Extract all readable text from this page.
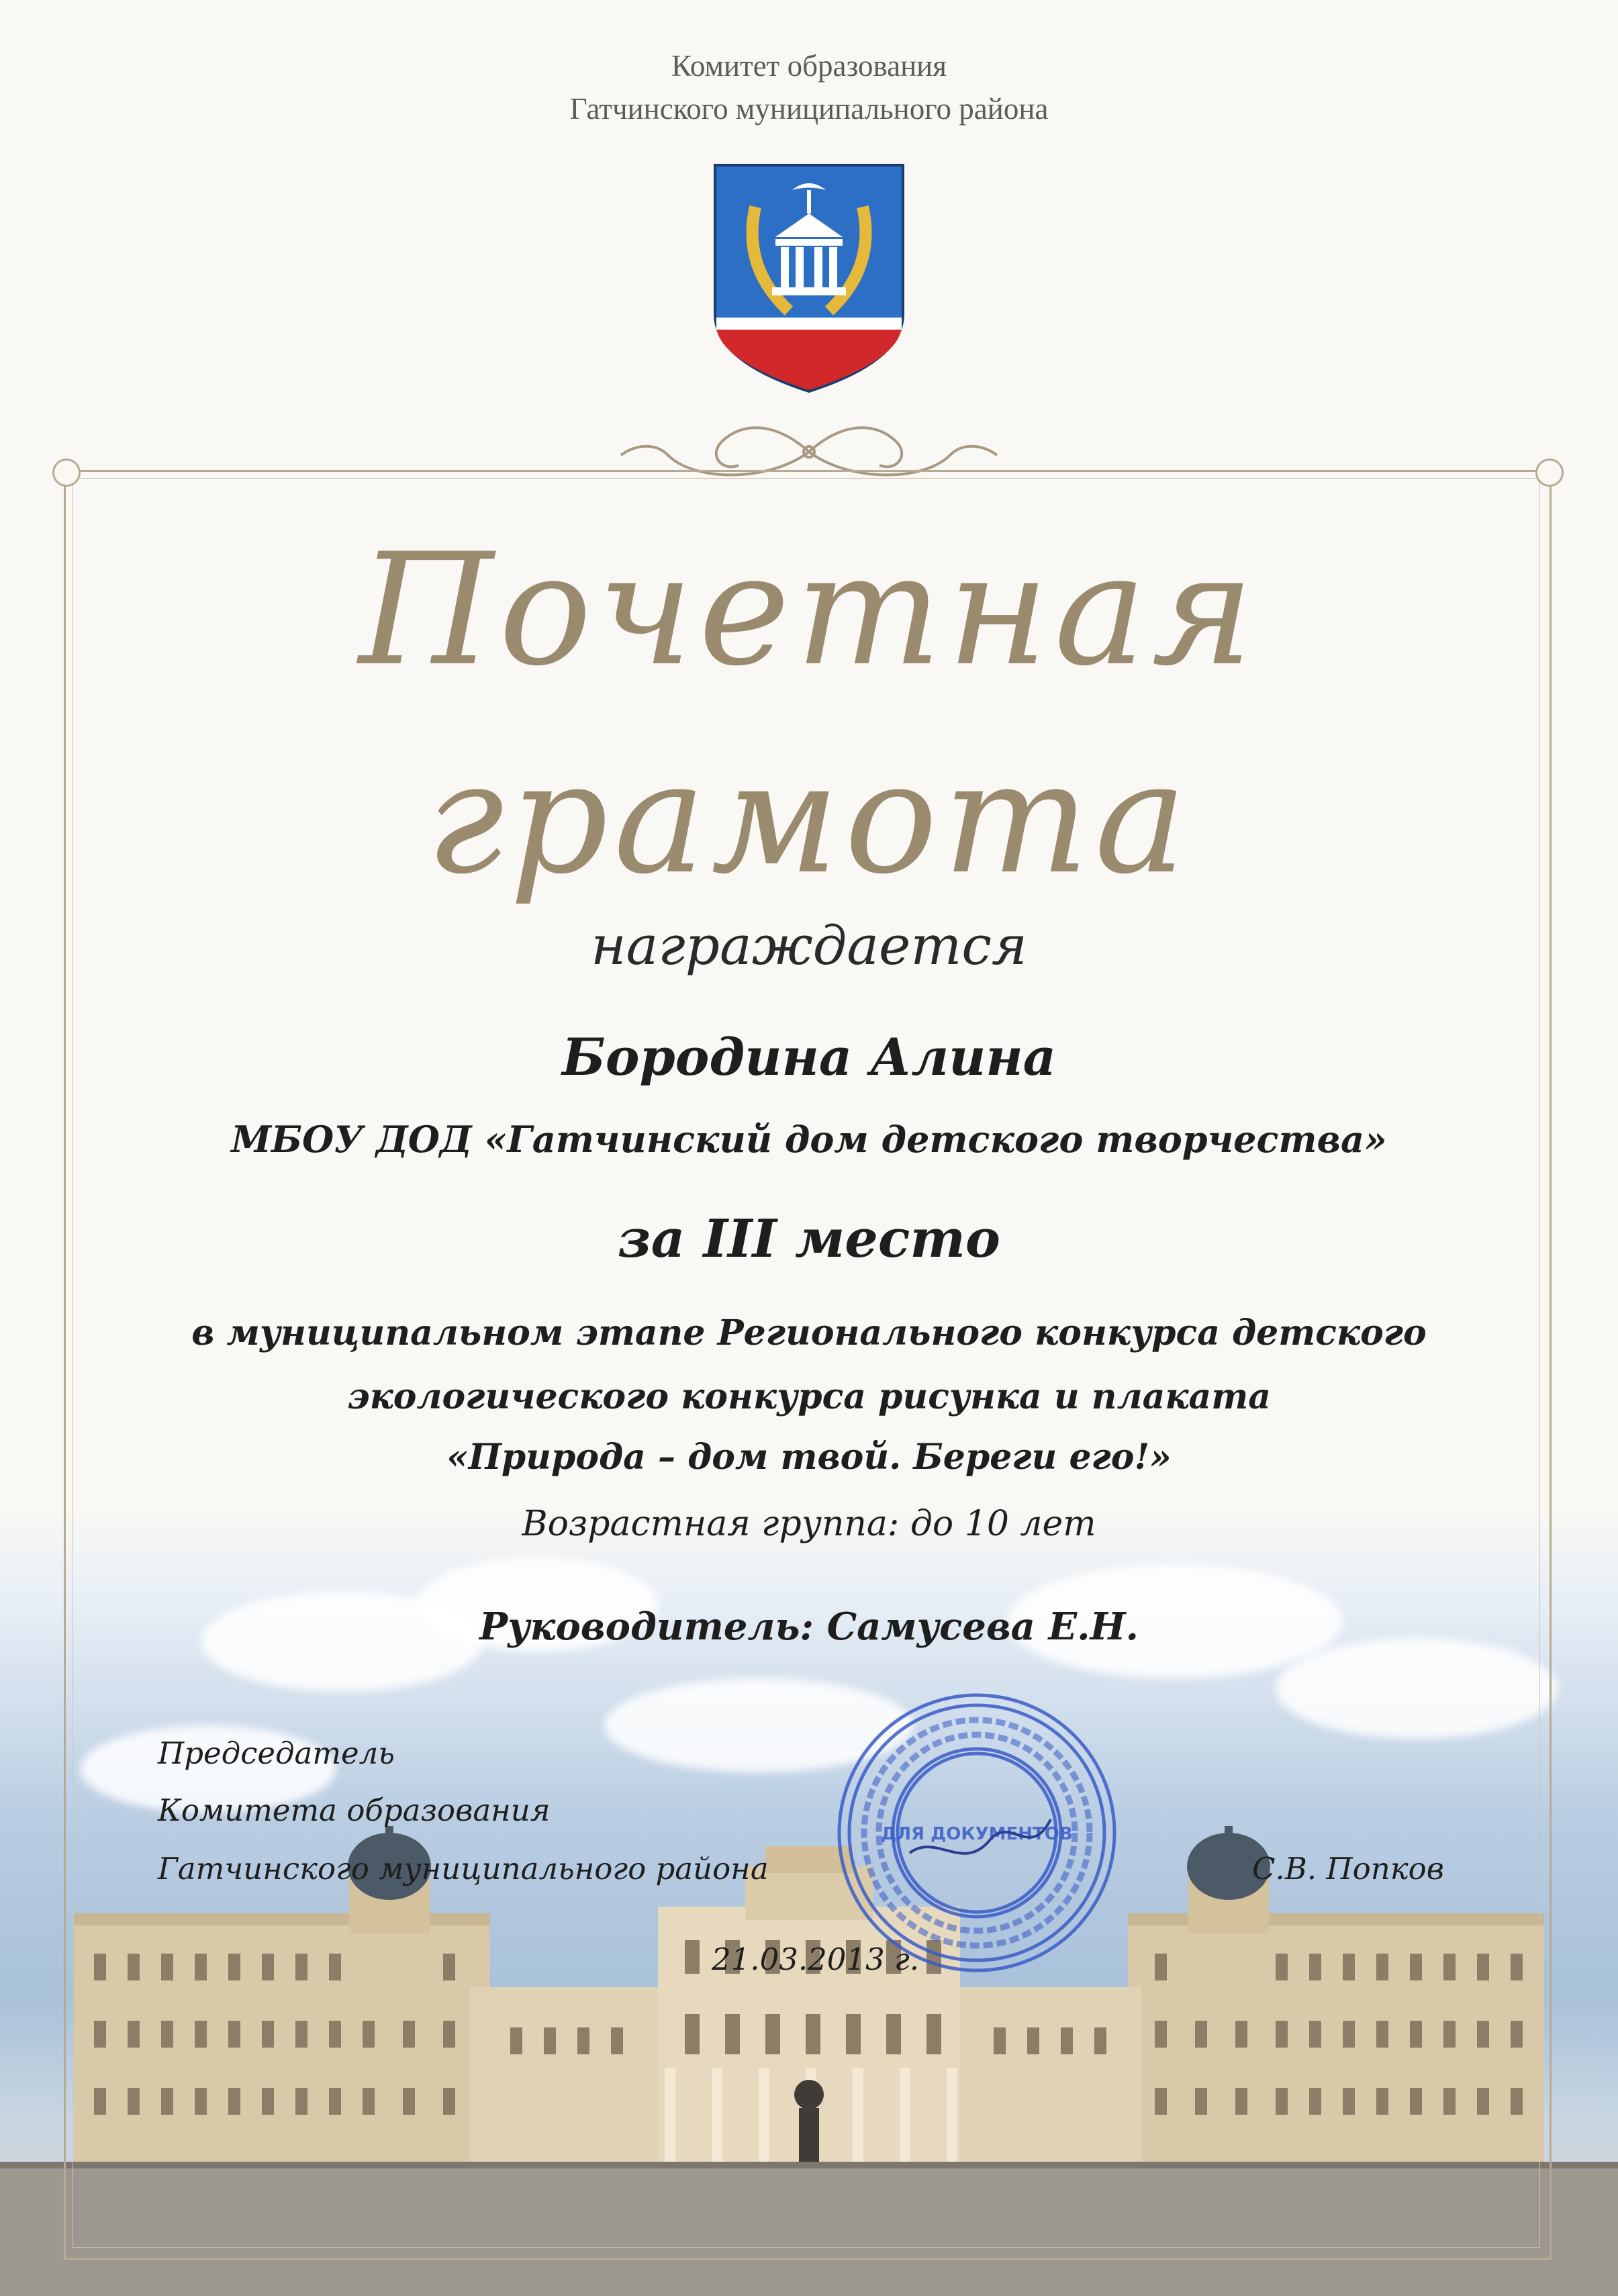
Комитет образования
Гатчинского муниципального района
Почетная
грамота
награждается
Бородина Алина
МБОУ ДОД «Гатчинский дом детского творчества»
за III место
в муниципальном этапе Регионального конкурса детского
экологического конкурса рисунка и плаката
«Природа – дом твой. Береги его!»
Возрастная группа: до 10 лет
Руководитель: Самусева Е.Н.
Председатель
Комитета образования
Гатчинского муниципального района	С.В. Попков
21.03.2013 г.
ДЛЯ ДОКУМЕНТОВ
